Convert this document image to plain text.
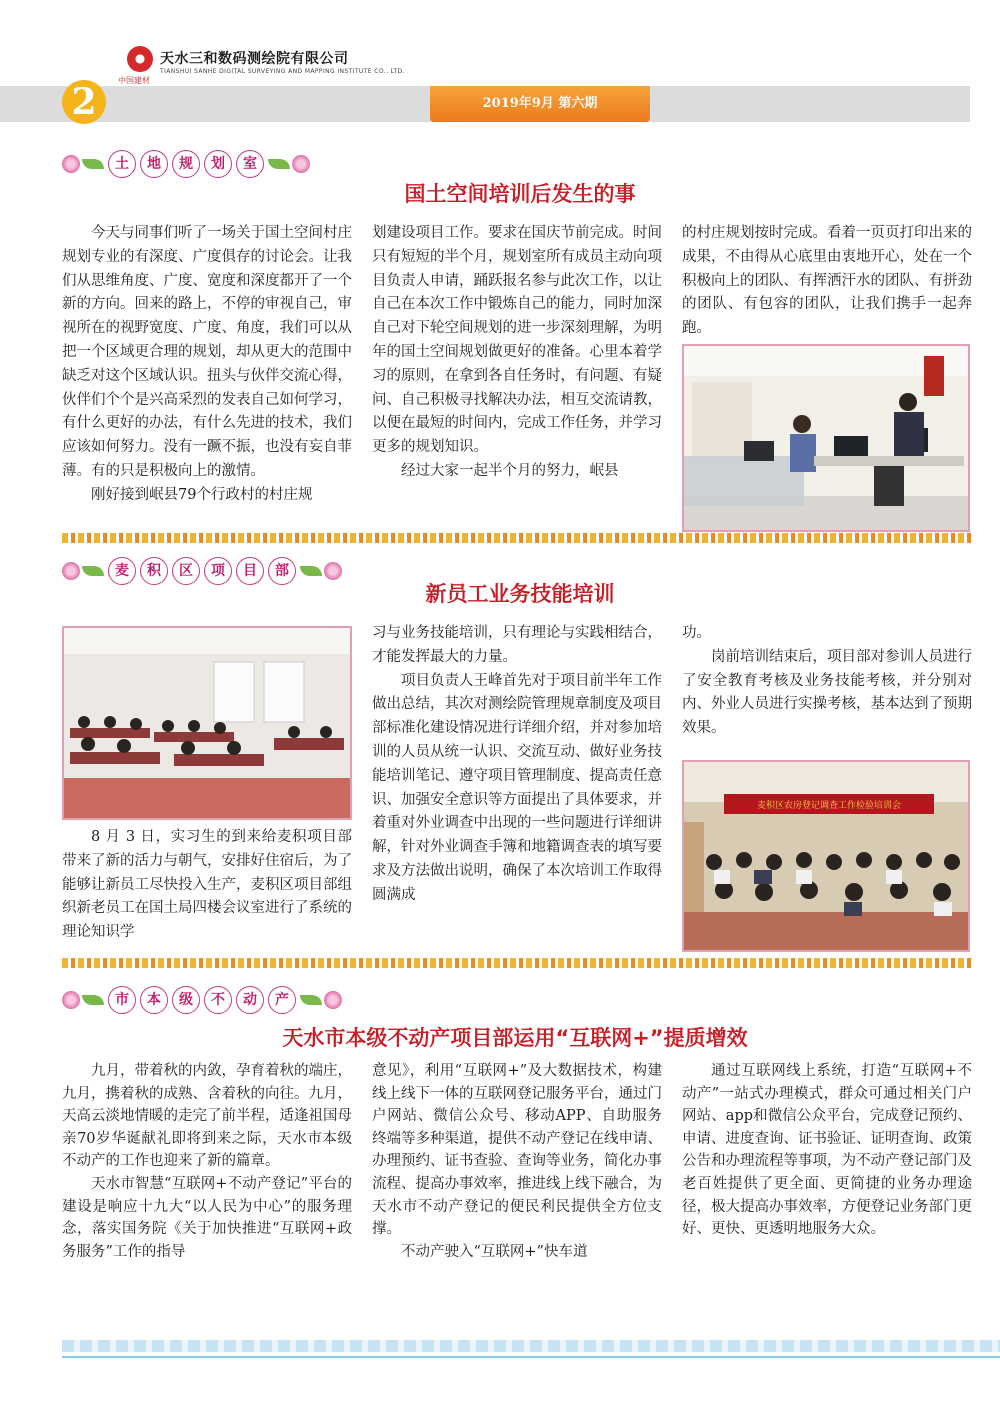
中国建材
天水三和数码测绘院有限公司
TIANSHUI SANHE DIGITAL SURVEYING AND MAPPING INSTITUTE CO., LTD.
2	2019年9月 第六期
土	地	规	划	室
国土空间培训后发生的事

今天与同事们听了一场关于国土空间村庄规划专业的有深度、广度俱存的讨论会。让我们从思维角度、广度、宽度和深度都开了一个新的方向。回来的路上，不停的审视自己，审视所在的视野宽度、广度、角度，我们可以从把一个区域更合理的规划，却从更大的范围中缺乏对这个区域认识。扭头与伙伴交流心得，伙伴们个个是兴高采烈的发表自己如何学习，有什么更好的办法，有什么先进的技术，我们应该如何努力。没有一蹶不振，也没有妄自菲薄。有的只是积极向上的激情。

刚好接到岷县79个行政村的村庄规

划建设项目工作。要求在国庆节前完成。时间只有短短的半个月，规划室所有成员主动向项目负责人申请，踊跃报名参与此次工作，以让自己在本次工作中锻炼自己的能力，同时加深自己对下轮空间规划的进一步深刻理解，为明年的国土空间规划做更好的准备。心里本着学习的原则，在拿到各自任务时，有问题、有疑问、自己积极寻找解决办法，相互交流请教，以便在最短的时间内，完成工作任务，并学习更多的规划知识。

经过大家一起半个月的努力，岷县

的村庄规划按时完成。看着一页页打印出来的成果，不由得从心底里由衷地开心，处在一个积极向上的团队、有挥洒汗水的团队、有拼劲的团队、有包容的团队，让我们携手一起奔跑。

麦	积	区	项	目	部
新员工业务技能培训

8 月 3 日，实习生的到来给麦积项目部带来了新的活力与朝气，安排好住宿后，为了能够让新员工尽快投入生产，麦积区项目部组织新老员工在国土局四楼会议室进行了系统的理论知识学

习与业务技能培训，只有理论与实践相结合，才能发挥最大的力量。

项目负责人王峰首先对于项目前半年工作做出总结，其次对测绘院管理规章制度及项目部标准化建设情况进行详细介绍，并对参加培训的人员从统一认识、交流互动、做好业务技能培训笔记、遵守项目管理制度、提高责任意识、加强安全意识等方面提出了具体要求，并着重对外业调查中出现的一些问题进行详细讲解，针对外业调查手簿和地籍调查表的填写要求及方法做出说明，确保了本次培训工作取得圆满成

功。

岗前培训结束后，项目部对参训人员进行了安全教育考核及业务技能考核，并分别对内、外业人员进行实操考核，基本达到了预期效果。

麦积区农房登记调查工作检验培训会
市	本	级	不	动	产
天水市本级不动产项目部运用“互联网+”提质增效

九月，带着秋的内敛，孕育着秋的端庄，九月，携着秋的成熟、含着秋的向往。九月，天高云淡地情暖的走完了前半程，适逢祖国母亲70岁华诞献礼即将到来之际，天水市本级不动产的工作也迎来了新的篇章。

天水市智慧“互联网+不动产登记”平台的建设是响应十九大“以人民为中心”的服务理念，落实国务院《关于加快推进“互联网+政务服务”工作的指导

意见》，利用“互联网+”及大数据技术，构建线上线下一体的互联网登记服务平台，通过门户网站、微信公众号、移动APP、自助服务终端等多种渠道，提供不动产登记在线申请、办理预约、证书查验、查询等业务，简化办事流程、提高办事效率，推进线上线下融合，为天水市不动产登记的便民利民提供全方位支撑。

不动产驶入“互联网+”快车道

通过互联网线上系统，打造“互联网+不动产”一站式办理模式，群众可通过相关门户网站、app和微信公众平台，完成登记预约、申请、进度查询、证书验证、证明查询、政策公告和办理流程等事项，为不动产登记部门及老百姓提供了更全面、更简捷的业务办理途径，极大提高办事效率，方便登记业务部门更好、更快、更透明地服务大众。
